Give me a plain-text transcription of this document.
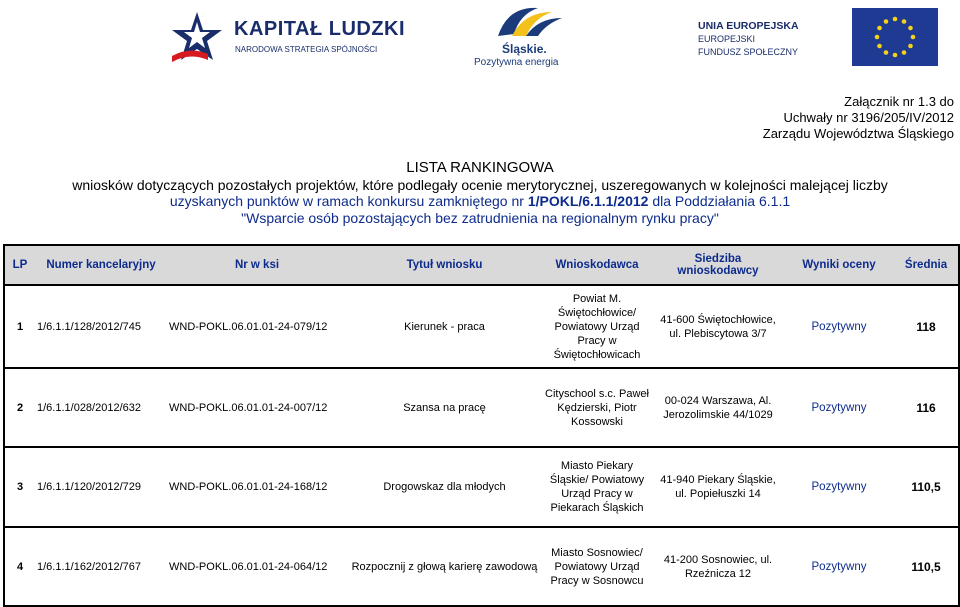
KAPITAŁ LUDZKI
NARODOWA STRATEGIA SPÓJNOŚCI	Śląskie.
Pozytywna energia
UNIA EUROPEJSKA
EUROPEJSKI
FUNDUSZ SPOŁECZNY
Załącznik nr 1.3 do
Uchwały nr 3196/205/IV/2012
Zarządu Województwa Śląskiego
LISTA RANKINGOWA
wniosków dotyczących pozostałych projektów, które podlegały ocenie merytorycznej, uszeregowanych w kolejności malejącej liczby
uzyskanych punktów w ramach konkursu zamkniętego nr 1/POKL/6.1.1/2012 dla Poddziałania 6.1.1
"Wsparcie osób pozostających bez zatrudnienia na regionalnym rynku pracy"
LP	Numer kancelaryjny	Nr w ksi	Tytuł wniosku	Wnioskodawca	Siedziba wnioskodawcy	Wyniki oceny	Średnia
1	1/6.1.1/128/2012/745	WND-POKL.06.01.01-24-079/12	Kierunek - praca	Powiat M. Świętochłowice/ Powiatowy Urząd Pracy w Świętochłowicach	41-600 Świętochłowice, ul. Plebiscytowa 3/7	Pozytywny	118
2	1/6.1.1/028/2012/632	WND-POKL.06.01.01-24-007/12	Szansa na pracę	Cityschool s.c. Paweł Kędzierski, Piotr Kossowski	00-024 Warszawa, Al. Jerozolimskie 44/1029	Pozytywny	116
3	1/6.1.1/120/2012/729	WND-POKL.06.01.01-24-168/12	Drogowskaz dla młodych	Miasto Piekary Śląskie/ Powiatowy Urząd Pracy w Piekarach Śląskich	41-940 Piekary Śląskie, ul. Popiełuszki 14	Pozytywny	110,5
4	1/6.1.1/162/2012/767	WND-POKL.06.01.01-24-064/12	Rozpocznij z głową karierę zawodową	Miasto Sosnowiec/ Powiatowy Urząd Pracy w Sosnowcu	41-200 Sosnowiec, ul. Rzeźnicza 12	Pozytywny	110,5
